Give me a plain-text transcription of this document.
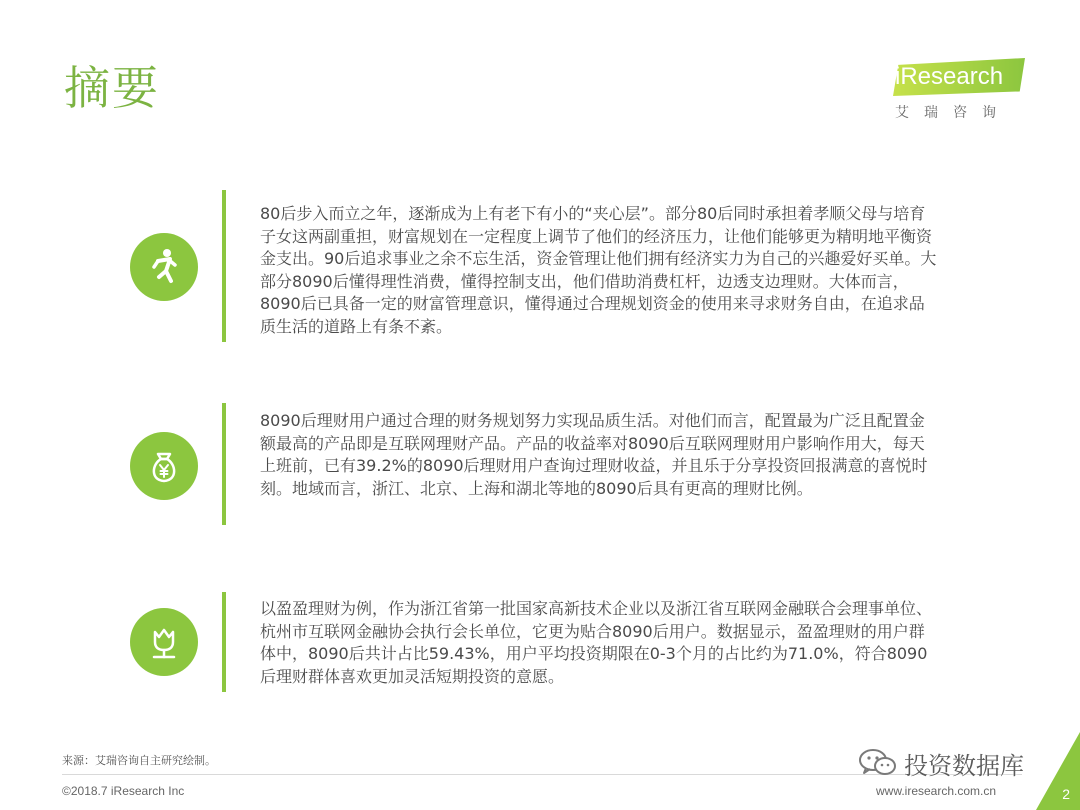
摘要	iResearch
艾瑞咨询

80后步入而立之年，逐渐成为上有老下有小的“夹心层”。部分80后同时承担着孝顺父母与培育子女这两副重担，财富规划在一定程度上调节了他们的经济压力，让他们能够更为精明地平衡资金支出。90后追求事业之余不忘生活，资金管理让他们拥有经济实力为自己的兴趣爱好买单。大部分8090后懂得理性消费，懂得控制支出，他们借助消费杠杆，边透支边理财。大体而言，8090后已具备一定的财富管理意识，懂得通过合理规划资金的使用来寻求财务自由，在追求品质生活的道路上有条不紊。

8090后理财用户通过合理的财务规划努力实现品质生活。对他们而言，配置最为广泛且配置金额最高的产品即是互联网理财产品。产品的收益率对8090后互联网理财用户影响作用大，每天上班前，已有39.2%的8090后理财用户查询过理财收益，并且乐于分享投资回报满意的喜悦时刻。地域而言，浙江、北京、上海和湖北等地的8090后具有更高的理财比例。

以盈盈理财为例，作为浙江省第一批国家高新技术企业以及浙江省互联网金融联合会理事单位、杭州市互联网金融协会执行会长单位，它更为贴合8090后用户。数据显示，盈盈理财的用户群体中，8090后共计占比59.43%，用户平均投资期限在0-3个月的占比约为71.0%，符合8090后理财群体喜欢更加灵活短期投资的意愿。

来源：艾瑞咨询自主研究绘制。
©2018.7 iResearch Inc	www.iresearch.com.cn
投资数据库
2
